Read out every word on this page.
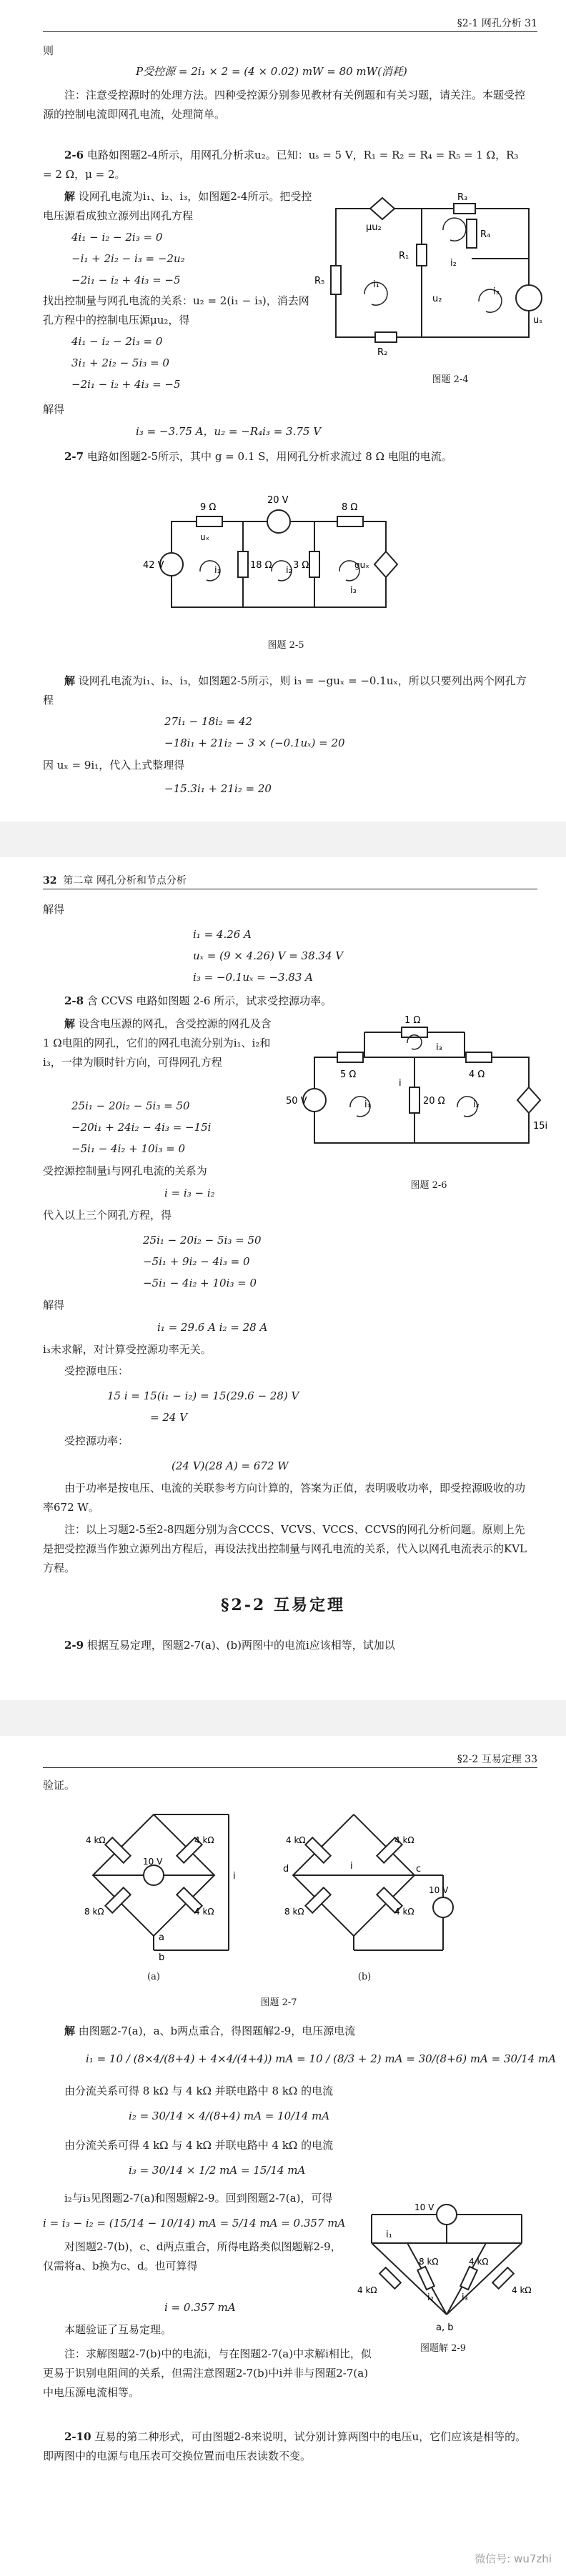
§2-1 网孔分析 31
则
P受控源 = 2i₁ × 2 = (4 × 0.02) mW = 80 mW(消耗)
注：注意受控源时的处理方法。四种受控源分别参见教材有关例题和有关习题，请关注。本题受控源的控制电流即网孔电流，处理简单。
2-6 电路如图题2-4所示，用网孔分析求u₂。已知：uₛ = 5 V，R₁ = R₂ = R₄ = R₅ = 1 Ω，R₃ = 2 Ω，μ = 2。
解 设网孔电流为i₁、i₂、i₃，如图题2-4所示。把受控电压源看成独立源列出网孔方程
4i₁ − i₂ − 2i₃ = 0
−i₁ + 2i₂ − i₃ = −2u₂
−2i₁ − i₂ + 4i₃ = −5
找出控制量与网孔电流的关系：u₂ = 2(i₁ − i₃)，消去网孔方程中的控制电压源μu₂，得
4i₁ − i₂ − 2i₃ = 0
3i₁ + 2i₂ − 5i₃ = 0
−2i₁ − i₂ + 4i₃ = −5
μu₂
R₃
R₁
R₄
R₂
R₅
uₛ
u₂
i₁
i₂
i₃
图题 2-4
解得
i₃ = −3.75 A，u₂ = −R₄i₃ = 3.75 V
2-7 电路如图题2-5所示，其中 g = 0.1 S，用网孔分析求流过 8 Ω 电阻的电流。
9 Ω
uₓ
20 V
8 Ω
42 V	18 Ω 3 Ω	guₓ
i₁	i₂
i₃
图题 2-5
解 设网孔电流为i₁、i₂、i₃，如图题2-5所示，则 i₃ = −guₓ = −0.1uₓ，所以只要列出两个网孔方程
27i₁ − 18i₂ = 42
−18i₁ + 21i₂ − 3 × (−0.1uₓ) = 20
因 uₓ = 9i₁，代入上式整理得
−15.3i₁ + 21i₂ = 20
32 第二章 网孔分析和节点分析
解得
i₁ = 4.26 A
uₓ = (9 × 4.26) V = 38.34 V
i₃ = −0.1uₓ = −3.83 A
2-8 含 CCVS 电路如图题 2-6 所示，试求受控源功率。
解 设含电压源的网孔，含受控源的网孔及含1 Ω电阻的网孔，它们的网孔电流分别为i₁、i₂和i₃，一律为顺时针方向，可得网孔方程
25i₁ − 20i₂ − 5i₃ = 50
−20i₁ + 24i₂ − 4i₃ = −15i
−5i₁ − 4i₂ + 10i₃ = 0
受控源控制量i与网孔电流的关系为
i = i₃ − i₂
代入以上三个网孔方程，得
25i₁ − 20i₂ − 5i₃ = 50
−5i₁ + 9i₂ − 4i₃ = 0
−5i₁ − 4i₂ + 10i₃ = 0
1 Ω
5 Ω	4 Ω
50 V	20 Ω
15i
i
i₁	i₂
i₃
图题 2-6
解得
i₁ = 29.6 A i₂ = 28 A
i₃未求解，对计算受控源功率无关。
受控源电压：
15 i = 15(i₁ − i₂) = 15(29.6 − 28) V
= 24 V
受控源功率：
(24 V)(28 A) = 672 W
由于功率是按电压、电流的关联参考方向计算的，答案为正值，表明吸收功率，即受控源吸收的功率672 W。
注：以上习题2-5至2-8四题分别为含CCCS、VCVS、VCCS、CCVS的网孔分析问题。原则上先是把受控源当作独立源列出方程后，再设法找出控制量与网孔电流的关系，代入以网孔电流表示的KVL方程。
§2-2 互易定理
2-9 根据互易定理，图题2-7(a)、(b)两图中的电流i应该相等，试加以
§2-2 互易定理 33
验证。
10 V
4 kΩ	4 kΩ
8 kΩ	4 kΩ
a
b
i
(a)
10 V
4 kΩ	4 kΩ
8 kΩ	4 kΩ
d	c
i
(b)
图题 2-7
解 由图题2-7(a)，a、b两点重合，得图题解2-9，电压源电流
i₁ = 10 / (8×4/(8+4) + 4×4/(4+4)) mA = 10 / (8/3 + 2) mA = 30/(8+6) mA = 30/14 mA
由分流关系可得 8 kΩ 与 4 kΩ 并联电路中 8 kΩ 的电流
i₂ = 30/14 × 4/(8+4) mA = 10/14 mA
由分流关系可得 4 kΩ 与 4 kΩ 并联电路中 4 kΩ 的电流
i₃ = 30/14 × 1/2 mA = 15/14 mA
i₂与i₃见图题2-7(a)和图题解2-9。回到图题2-7(a)，可得
i = i₃ − i₂ = (15/14 − 10/14) mA = 5/14 mA = 0.357 mA
对图题2-7(b)，c、d两点重合，所得电路类似图题解2-9，仅需将a、b换为c、d。也可算得
i = 0.357 mA
本题验证了互易定理。
10 V
4 kΩ
8 kΩ	4 kΩ
4 kΩ
i₁
i₂	i₃
a, b
图题解 2-9
注：求解图题2-7(b)中的电流i，与在图题2-7(a)中求解i相比，似更易于识别电阻间的关系，但需注意图题2-7(b)中i并非与图题2-7(a)中电压源电流相等。
2-10 互易的第二种形式，可由图题2-8来说明，试分别计算两图中的电压u，它们应该是相等的。即两图中的电源与电压表可交换位置而电压表读数不变。
微信号: wu7zhi
